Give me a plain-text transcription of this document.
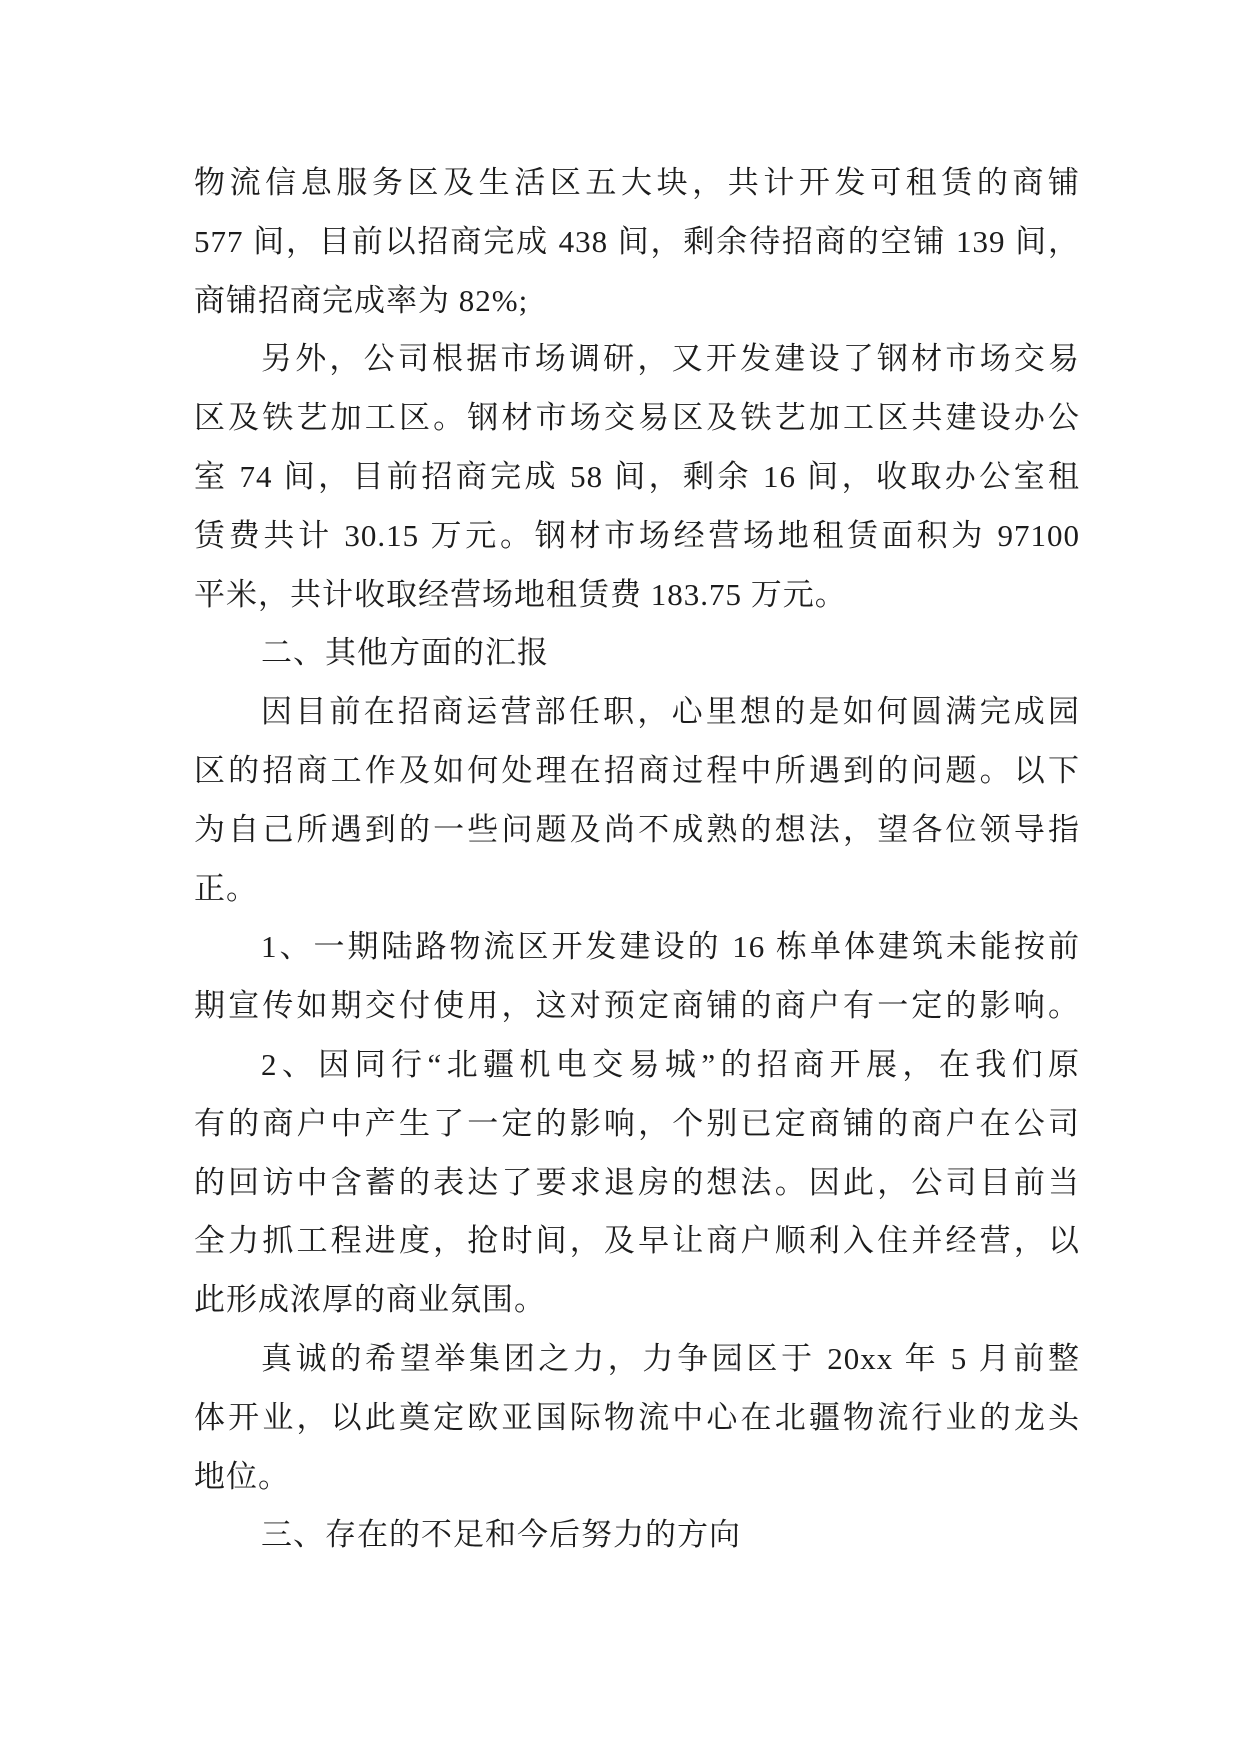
物流信息服务区及生活区五大块，共计开发可租赁的商铺
577 间，目前以招商完成 438 间，剩余待招商的空铺 139 间，
商铺招商完成率为 82%;
另外，公司根据市场调研，又开发建设了钢材市场交易
区及铁艺加工区。钢材市场交易区及铁艺加工区共建设办公
室 74 间，目前招商完成 58 间，剩余 16 间，收取办公室租
赁费共计 30.15 万元。钢材市场经营场地租赁面积为 97100
平米，共计收取经营场地租赁费 183.75 万元。
二、其他方面的汇报
因目前在招商运营部任职，心里想的是如何圆满完成园
区的招商工作及如何处理在招商过程中所遇到的问题。以下
为自己所遇到的一些问题及尚不成熟的想法，望各位领导指
正。
1、一期陆路物流区开发建设的 16 栋单体建筑未能按前
期宣传如期交付使用，这对预定商铺的商户有一定的影响。
2、因同行“北疆机电交易城”的招商开展，在我们原
有的商户中产生了一定的影响，个别已定商铺的商户在公司
的回访中含蓄的表达了要求退房的想法。因此，公司目前当
全力抓工程进度，抢时间，及早让商户顺利入住并经营，以
此形成浓厚的商业氛围。
真诚的希望举集团之力，力争园区于 20xx 年 5 月前整
体开业，以此奠定欧亚国际物流中心在北疆物流行业的龙头
地位。
三、存在的不足和今后努力的方向
